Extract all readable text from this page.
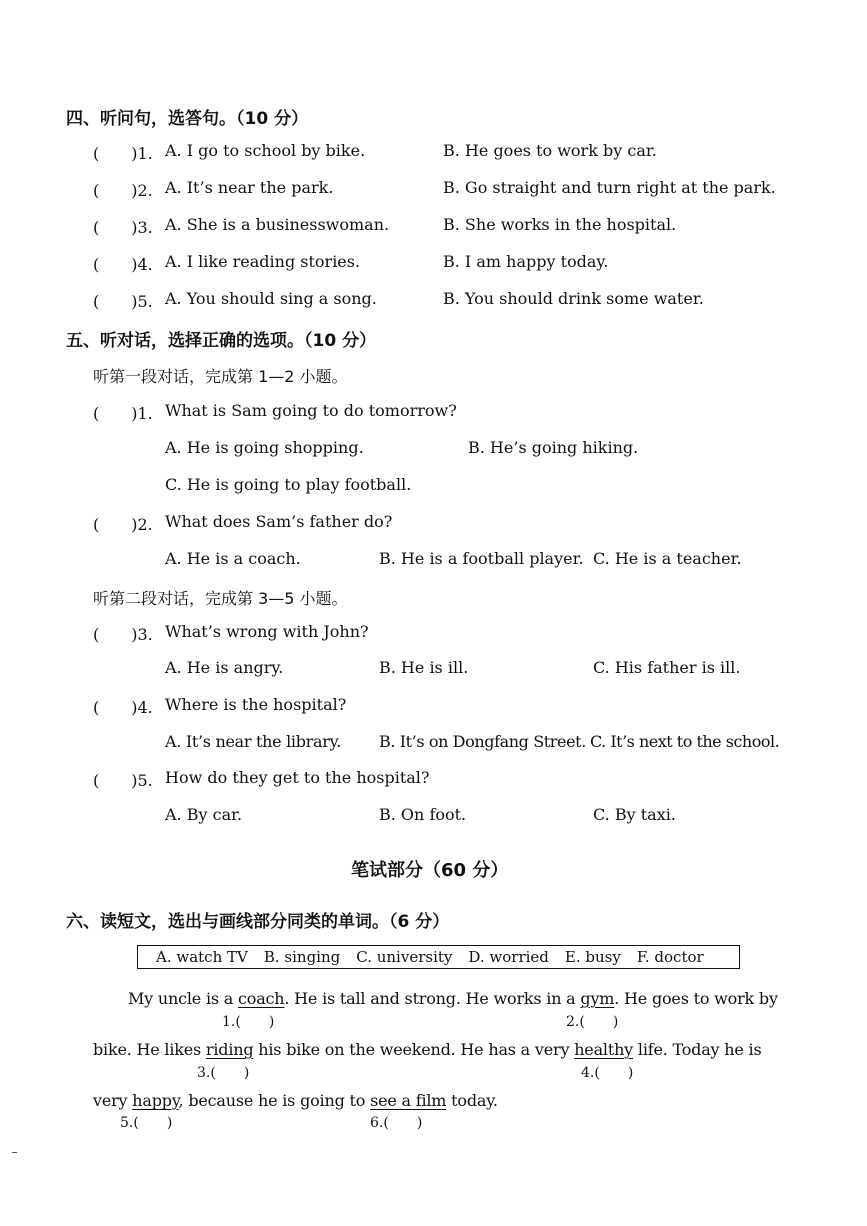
四、听问句，选答句。（10 分）
(　　)1. A. I go to school by bike.	B. He goes to work by car.
(　　)2. A. It’s near the park.	B. Go straight and turn right at the park.
(　　)3. A. She is a businesswoman.	B. She works in the hospital.
(　　)4. A. I like reading stories.	B. I am happy today.
(　　)5. A. You should sing a song.	B. You should drink some water.
五、听对话，选择正确的选项。（10 分）
听第一段对话，完成第 1—2 小题。
(　　)1. What is Sam going to do tomorrow?
A. He is going shopping.	B. He’s going hiking.
C. He is going to play football.
(　　)2. What does Sam’s father do?
A. He is a coach.	B. He is a football player. C. He is a teacher.
听第二段对话，完成第 3—5 小题。
(　　)3. What’s wrong with John?
A. He is angry.	B. He is ill.	C. His father is ill.
(　　)4. Where is the hospital?
A. It’s near the library. B. It’s on Dongfang Street. C. It’s next to the school.
(　　)5. How do they get to the hospital?
A. By car.	B. On foot.	C. By taxi.
笔试部分（60 分）
六、读短文，选出与画线部分同类的单词。（6 分）
A. watch TV B. singing C. university D. worried E. busy F. doctor
My uncle is a coach. He is tall and strong. He works in a gym. He goes to work by
1.(　　)	2.(　　)
bike. He likes riding his bike on the weekend. He has a very healthy life. Today he is
3.(　　)	4.(　　)
very happy, because he is going to see a film today.
5.(　　)	6.(　　)
